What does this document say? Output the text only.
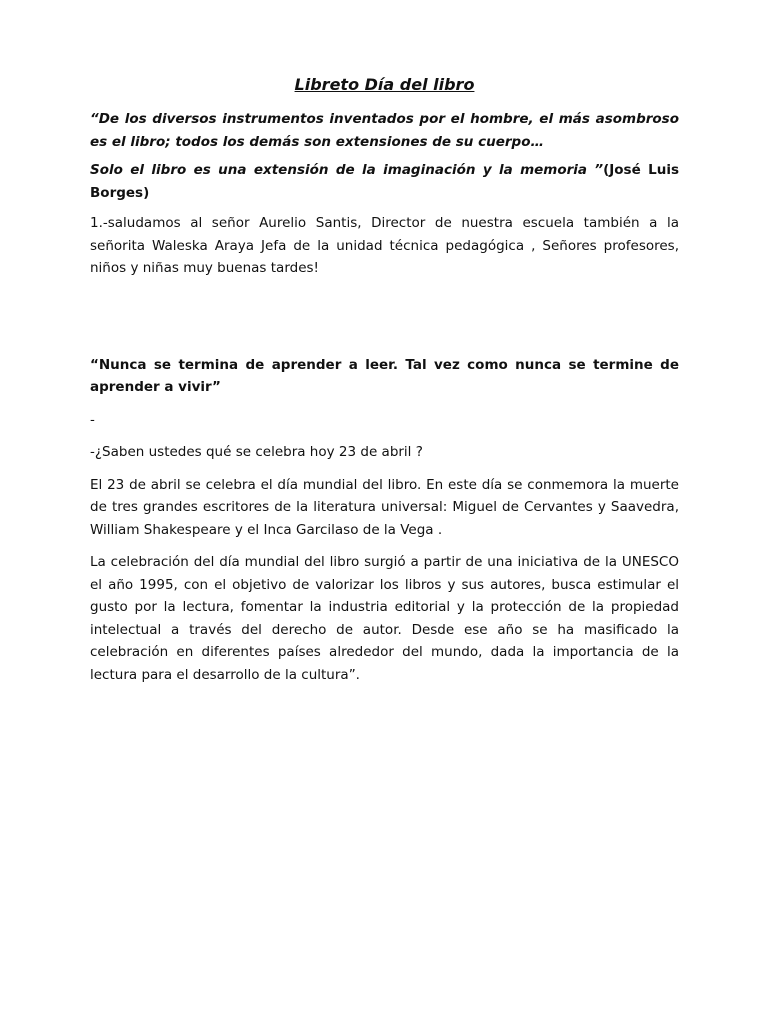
Libreto Día del libro

“De los diversos instrumentos inventados por el hombre, el más asombroso es el libro; todos los demás son extensiones de su cuerpo…

Solo el libro es una extensión de la imaginación y la memoria ”(José Luis Borges)

1.-saludamos al señor Aurelio Santis, Director de nuestra escuela también a la señorita Waleska Araya Jefa de la unidad técnica pedagógica , Señores profesores, niños y niñas muy buenas tardes!

“Nunca se termina de aprender a leer. Tal vez como nunca se termine de aprender a vivir”

-

-¿Saben ustedes qué se celebra hoy 23 de abril ?

El 23 de abril se celebra el día mundial del libro. En este día se conmemora la muerte de tres grandes escritores de la literatura universal: Miguel de Cervantes y Saavedra, William Shakespeare y el Inca Garcilaso de la Vega .

La celebración del día mundial del libro surgió a partir de una iniciativa de la UNESCO el año 1995, con el objetivo de valorizar los libros y sus autores, busca estimular el gusto por la lectura, fomentar la industria editorial y la protección de la propiedad intelectual a través del derecho de autor. Desde ese año se ha masificado la celebración en diferentes países alrededor del mundo, dada la importancia de la lectura para el desarrollo de la cultura”.
